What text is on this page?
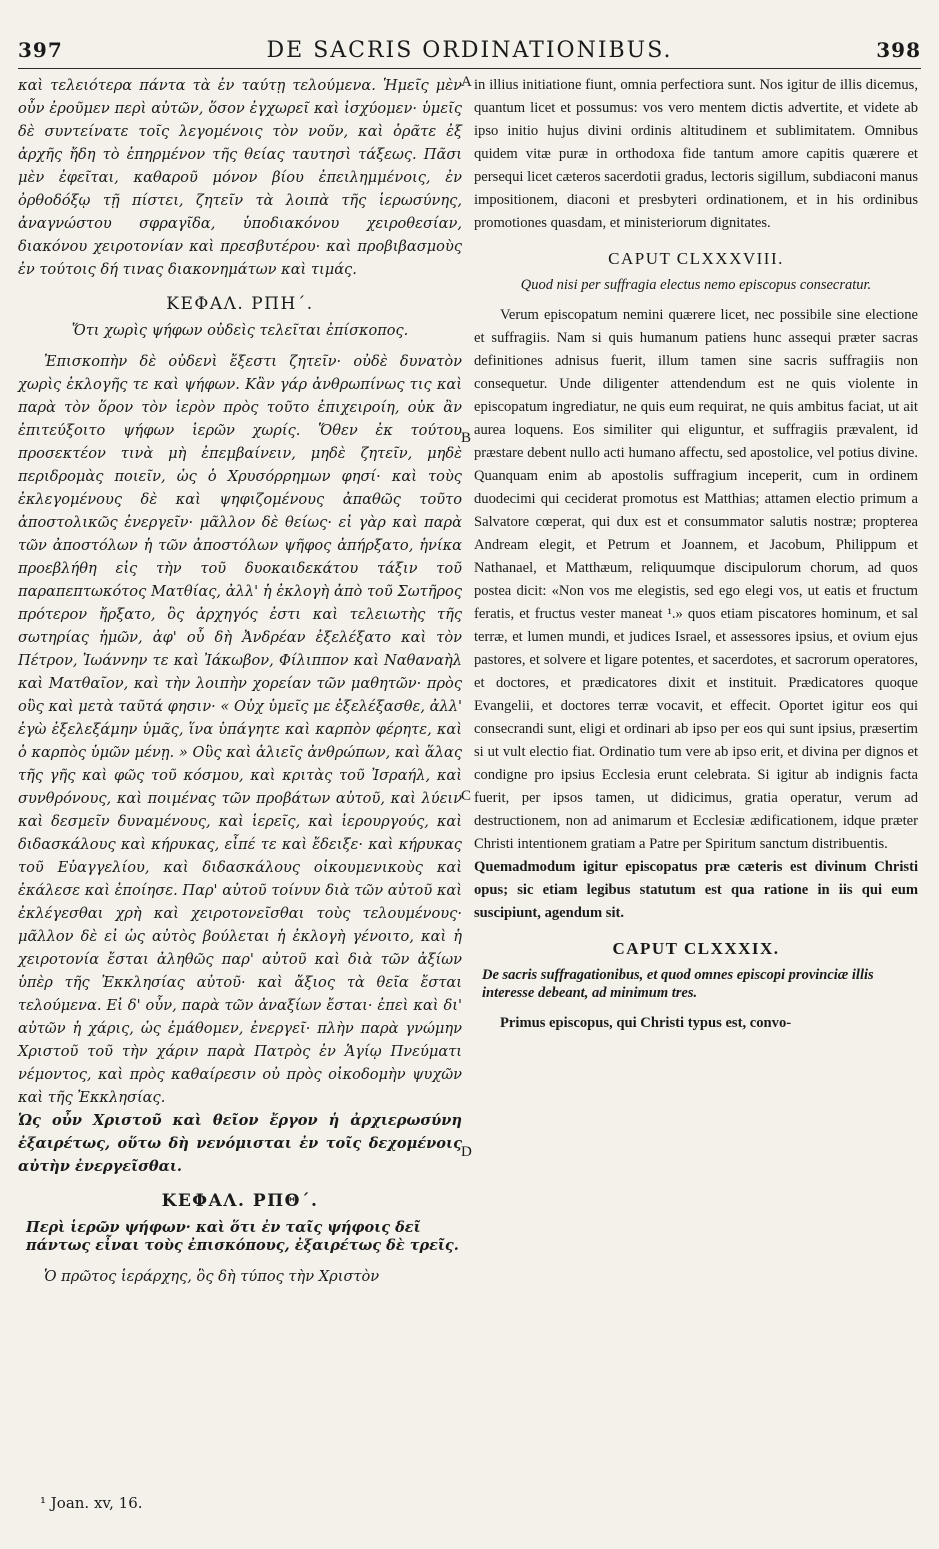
397	DE SACRIS ORDINATIONIBUS.	398

καὶ τελειότερα πάντα τὰ ἐν ταύτῃ τελούμενα. Ἡμεῖς μὲν οὖν ἐροῦμεν περὶ αὐτῶν, ὅσον ἐγχωρεῖ καὶ ἰσχύομεν· ὑμεῖς δὲ συντείνατε τοῖς λεγομένοις τὸν νοῦν, καὶ ὁρᾶτε ἐξ ἀρχῆς ἤδη τὸ ἐπηρμένον τῆς θείας ταυτησὶ τάξεως. Πᾶσι μὲν ἐφεῖται, καθαροῦ μόνον βίου ἐπειλημμένοις, ἐν ὀρθοδόξῳ τῇ πίστει, ζητεῖν τὰ λοιπὰ τῆς ἱερωσύνης, ἀναγνώστου σφραγῖδα, ὑποδιακόνου χειροθεσίαν, διακόνου χειροτονίαν καὶ πρεσβυτέρου· καὶ προβιβασμοὺς ἐν τούτοις δή τινας διακονημάτων καὶ τιμάς.

ΚΕΦΑΛ. ΡΠΗ΄.
Ὅτι χωρὶς ψήφων οὐδεὶς τελεῖται ἐπίσκοπος.

Ἐπισκοπὴν δὲ οὐδενὶ ἔξεστι ζητεῖν· οὐδὲ δυνατὸν χωρὶς ἐκλογῆς τε καὶ ψήφων. Κἂν γάρ ἀνθρωπίνως τις καὶ παρὰ τὸν ὅρον τὸν ἱερὸν πρὸς τοῦτο ἐπιχειροίη, οὐκ ἂν ἐπιτεύξοιτο ψήφων ἱερῶν χωρίς. Ὅθεν ἐκ τούτου προσεκτέον τινὰ μὴ ἐπεμβαίνειν, μηδὲ ζητεῖν, μηδὲ περιδρομὰς ποιεῖν, ὡς ὁ Χρυσόρρημων φησί· καὶ τοὺς ἐκλεγομένους δὲ καὶ ψηφιζομένους ἀπαθῶς τοῦτο ἀποστολικῶς ἐνεργεῖν· μᾶλλον δὲ θείως· εἰ γὰρ καὶ παρὰ τῶν ἀποστόλων ἡ τῶν ἀποστόλων ψῆφος ἀπήρξατο, ἡνίκα προεβλήθη εἰς τὴν τοῦ δυοκαιδεκάτου τάξιν τοῦ παραπεπτωκότος Ματθίας, ἀλλ' ἡ ἐκλογὴ ἀπὸ τοῦ Σωτῆρος πρότερον ἤρξατο, ὃς ἀρχηγός ἐστι καὶ τελειωτὴς τῆς σωτηρίας ἡμῶν, ἀφ' οὗ δὴ Ἀνδρέαν ἐξελέξατο καὶ τὸν Πέτρον, Ἰωάννην τε καὶ Ἰάκωβον, Φίλιππον καὶ Ναθαναὴλ καὶ Ματθαῖον, καὶ τὴν λοιπὴν χορείαν τῶν μαθητῶν· πρὸς οὓς καὶ μετὰ ταῦτά φησιν· « Οὐχ ὑμεῖς με ἐξελέξασθε, ἀλλ' ἐγὼ ἐξελεξάμην ὑμᾶς, ἵνα ὑπάγητε καὶ καρπὸν φέρητε, καὶ ὁ καρπὸς ὑμῶν μένῃ. » Οὓς καὶ ἁλιεῖς ἀνθρώπων, καὶ ἅλας τῆς γῆς καὶ φῶς τοῦ κόσμου, καὶ κριτὰς τοῦ Ἰσραήλ, καὶ συνθρόνους, καὶ ποιμένας τῶν προβάτων αὐτοῦ, καὶ λύειν καὶ δεσμεῖν δυναμένους, καὶ ἱερεῖς, καὶ ἱερουργούς, καὶ διδασκάλους καὶ κήρυκας, εἶπέ τε καὶ ἔδειξε· καὶ κήρυκας τοῦ Εὐαγγελίου, καὶ διδασκάλους οἰκουμενικοὺς καὶ ἐκάλεσε καὶ ἐποίησε. Παρ' αὐτοῦ τοίνυν διὰ τῶν αὐτοῦ καὶ ἐκλέγεσθαι χρὴ καὶ χειροτονεῖσθαι τοὺς τελουμένους· μᾶλλον δὲ εἰ ὡς αὐτὸς βούλεται ἡ ἐκλογὴ γένοιτο, καὶ ἡ χειροτονία ἔσται ἀληθῶς παρ' αὐτοῦ καὶ διὰ τῶν ἀξίων ὑπὲρ τῆς Ἐκκλησίας αὐτοῦ· καὶ ἄξιος τὰ θεῖα ἔσται τελούμενα. Εἰ δ' οὖν, παρὰ τῶν ἀναξίων ἔσται· ἐπεὶ καὶ δι' αὐτῶν ἡ χάρις, ὡς ἐμάθομεν, ἐνεργεῖ· πλὴν παρὰ γνώμην Χριστοῦ τοῦ τὴν χάριν παρὰ Πατρὸς ἐν Ἁγίῳ Πνεύματι νέμοντος, καὶ πρὸς καθαίρεσιν οὐ πρὸς οἰκοδομὴν ψυχῶν καὶ τῆς Ἐκκλησίας.

Ὡς οὖν Χριστοῦ καὶ θεῖον ἔργον ἡ ἀρχιερωσύνη ἐξαιρέτως, οὕτω δὴ νενόμισται ἐν τοῖς δεχομένοις αὐτὴν ἐνεργεῖσθαι.

ΚΕΦΑΛ. ΡΠΘ΄.
Περὶ ἱερῶν ψήφων· καὶ ὅτι ἐν ταῖς ψήφοις δεῖ πάντως εἶναι τοὺς ἐπισκόπους, ἐξαιρέτως δὲ τρεῖς.

Ὁ πρῶτος ἱεράρχης, ὃς δὴ τύπος τὴν Χριστὸν

in illius initiatione fiunt, omnia perfectiora sunt. Nos igitur de illis dicemus, quantum licet et possumus: vos vero mentem dictis advertite, et videte ab ipso initio hujus divini ordinis altitudinem et sublimitatem. Omnibus quidem vitæ puræ in orthodoxa fide tantum amore capitis quærere et persequi licet cæteros sacerdotii gradus, lectoris sigillum, subdiaconi manus impositionem, diaconi et presbyteri ordinationem, et in his ordinibus promotiones quasdam, et ministeriorum dignitates.

CAPUT CLXXXVIII.
Quod nisi per suffragia electus nemo episcopus consecratur.

Verum episcopatum nemini quærere licet, nec possibile sine electione et suffragiis. Nam si quis humanum patiens hunc assequi præter sacras definitiones adnisus fuerit, illum tamen sine sacris suffragiis non consequetur. Unde diligenter attendendum est ne quis violente in episcopatum ingrediatur, ne quis eum requirat, ne quis ambitus faciat, ut ait aurea loquens. Eos similiter qui eliguntur, et suffragiis prævalent, id præstare debent nullo acti humano affectu, sed apostolice, vel potius divine. Quanquam enim ab apostolis suffragium inceperit, cum in ordinem duodecimi qui ceciderat promotus est Matthias; attamen electio primum a Salvatore cœperat, qui dux est et consummator salutis nostræ; propterea Andream elegit, et Petrum et Joannem, et Jacobum, Philippum et Nathanael, et Matthæum, reliquumque discipulorum chorum, ad quos postea dicit: «Non vos me elegistis, sed ego elegi vos, ut eatis et fructum feratis, et fructus vester maneat ¹.» quos etiam piscatores hominum, et sal terræ, et lumen mundi, et judices Israel, et assessores ipsius, et ovium ejus pastores, et solvere et ligare potentes, et sacerdotes, et sacrorum operatores, et doctores, et prædicatores dixit et instituit. Prædicatores quoque Evangelii, et doctores terræ vocavit, et effecit. Oportet igitur eos qui consecrandi sunt, eligi et ordinari ab ipso per eos qui sunt ipsius, præsertim si ut vult electio fiat. Ordinatio tum vere ab ipso erit, et divina per dignos et condigne pro ipsius Ecclesia erunt celebrata. Si igitur ab indignis facta fuerit, per ipsos tamen, ut didicimus, gratia operatur, verum ad destructionem, non ad animarum et Ecclesiæ ædificationem, idque præter Christi intentionem gratiam a Patre per Spiritum sanctum distribuentis.

Quemadmodum igitur episcopatus præ cæteris est divinum Christi opus; sic etiam legibus statutum est qua ratione in iis qui eum suscipiunt, agendum sit.

CAPUT CLXXXIX.
De sacris suffragationibus, et quod omnes episcopi provinciæ illis interesse debeant, ad minimum tres.

Primus episcopus, qui Christi typus est, convo-

A
B
C
D
¹ Joan. xv, 16.
